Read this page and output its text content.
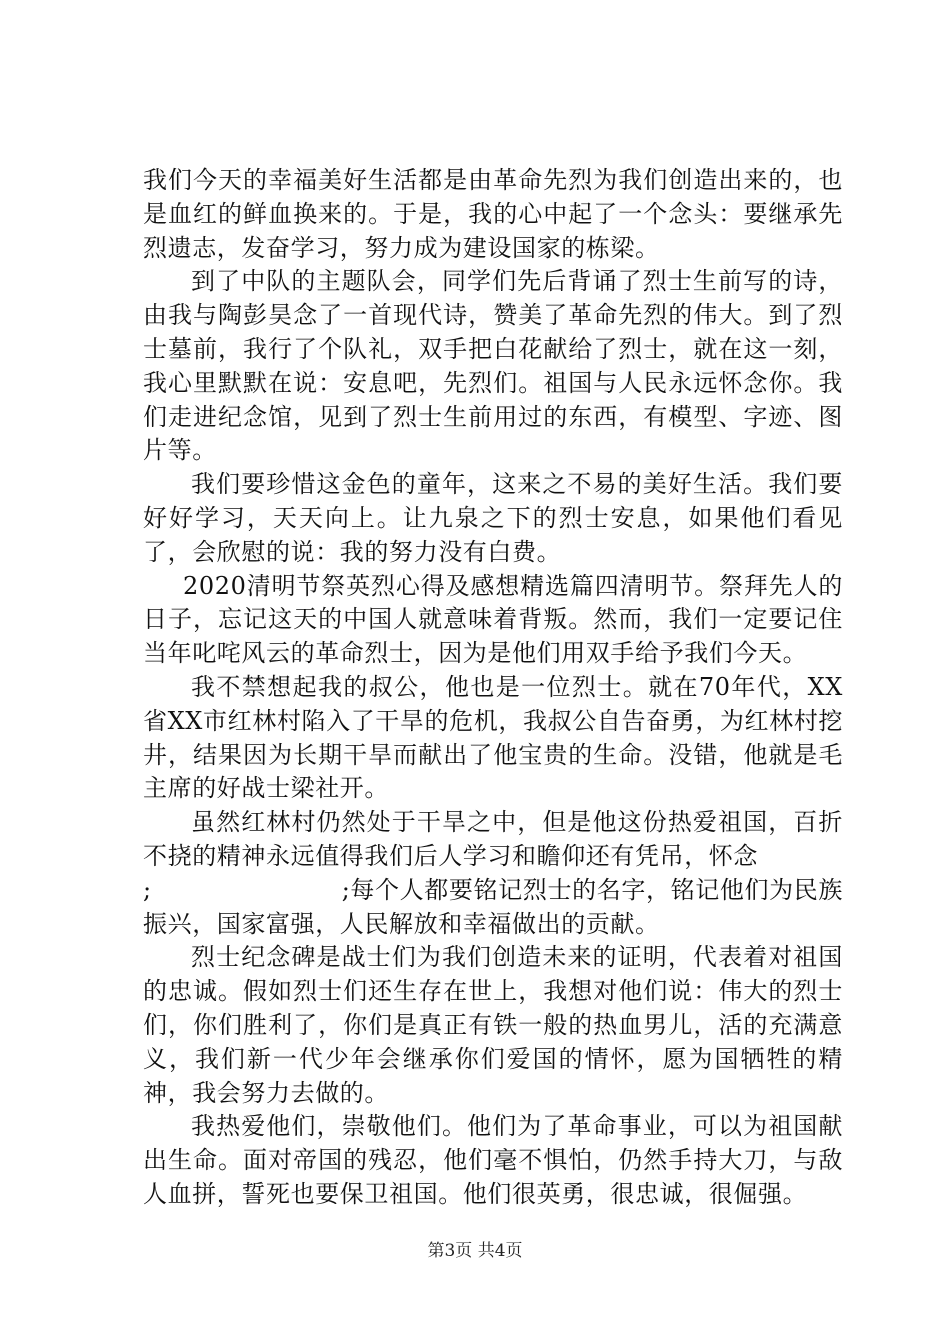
我们今天的幸福美好生活都是由革命先烈为我们创造出来的，也是血红的鲜血换来的。于是，我的心中起了一个念头：要继承先烈遗志，发奋学习，努力成为建设国家的栋梁。

到了中队的主题队会，同学们先后背诵了烈士生前写的诗，由我与陶彭昊念了一首现代诗，赞美了革命先烈的伟大。到了烈士墓前，我行了个队礼，双手把白花献给了烈士，就在这一刻，我心里默默在说：安息吧，先烈们。祖国与人民永远怀念你。我们走进纪念馆，见到了烈士生前用过的东西，有模型、字迹、图片等。

我们要珍惜这金色的童年，这来之不易的美好生活。我们要好好学习，天天向上。让九泉之下的烈士安息，如果他们看见了，会欣慰的说：我的努力没有白费。

2020清明节祭英烈心得及感想精选篇四清明节。祭拜先人的日子，忘记这天的中国人就意味着背叛。然而，我们一定要记住当年叱咤风云的革命烈士，因为是他们用双手给予我们今天。

我不禁想起我的叔公，他也是一位烈士。就在70年代，XX省XX市红林村陷入了干旱的危机，我叔公自告奋勇，为红林村挖井，结果因为长期干旱而献出了他宝贵的生命。没错，他就是毛主席的好战士梁社开。

虽然红林村仍然处于干旱之中，但是他这份热爱祖国，百折不挠的精神永远值得我们后人学习和瞻仰还有凭吊，怀念
;	;每个人都要铭记烈士的名字，铭记他们为民族振兴，国家富强，人民解放和幸福做出的贡献。

烈士纪念碑是战士们为我们创造未来的证明，代表着对祖国的忠诚。假如烈士们还生存在世上，我想对他们说：伟大的烈士们，你们胜利了，你们是真正有铁一般的热血男儿，活的充满意义，我们新一代少年会继承你们爱国的情怀，愿为国牺牲的精神，我会努力去做的。

我热爱他们，崇敬他们。他们为了革命事业，可以为祖国献出生命。面对帝国的残忍，他们毫不惧怕，仍然手持大刀，与敌人血拼，誓死也要保卫祖国。他们很英勇，很忠诚，很倔强。

第3页 共4页
